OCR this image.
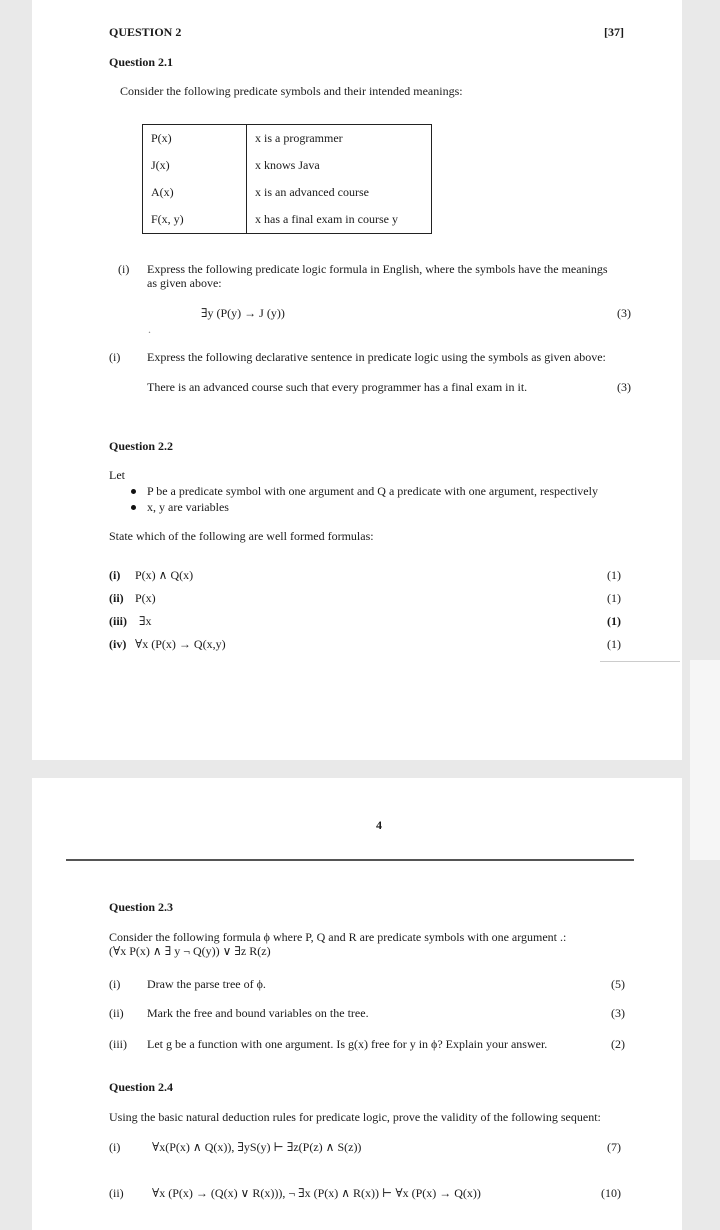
QUESTION 2	[37]
Question 2.1
Consider the following predicate symbols and their intended meanings:
P(x)	x is a programmer
J(x)	x knows Java
A(x)	x is an advanced course
F(x, y)	x has a final exam in course y
(i) Express the following predicate logic formula in English, where the symbols have the meanings
as given above:
∃y (P(y) → J (y))	(3)
.
(i) Express the following declarative sentence in predicate logic using the symbols as given above:
There is an advanced course such that every programmer has a final exam in it.	(3)
Question 2.2
Let
P be a predicate symbol with one argument and Q a predicate with one argument, respectively
x, y are variables
State which of the following are well formed formulas:
(i) P(x) ∧ Q(x)	(1)
(ii) P(x)	(1)
(iii) ∃x	(1)
(iv) ∀x (P(x) → Q(x,y)	(1)
4
Question 2.3
Consider the following formula ϕ where P, Q and R are predicate symbols with one argument .:
(∀x P(x) ∧ ∃ y ¬ Q(y)) ∨ ∃z R(z)
(i) Draw the parse tree of ϕ.	(5)
(ii) Mark the free and bound variables on the tree.	(3)
(iii) Let g be a function with one argument. Is g(x) free for y in ϕ? Explain your answer.	(2)
Question 2.4
Using the basic natural deduction rules for predicate logic, prove the validity of the following sequent:
(i)	∀x(P(x) ∧ Q(x)), ∃yS(y) ⊢ ∃z(P(z) ∧ S(z))	(7)
(ii) ∀x (P(x) → (Q(x) ∨ R(x))), ¬ ∃x (P(x) ∧ R(x)) ⊢ ∀x (P(x) → Q(x))	(10)
